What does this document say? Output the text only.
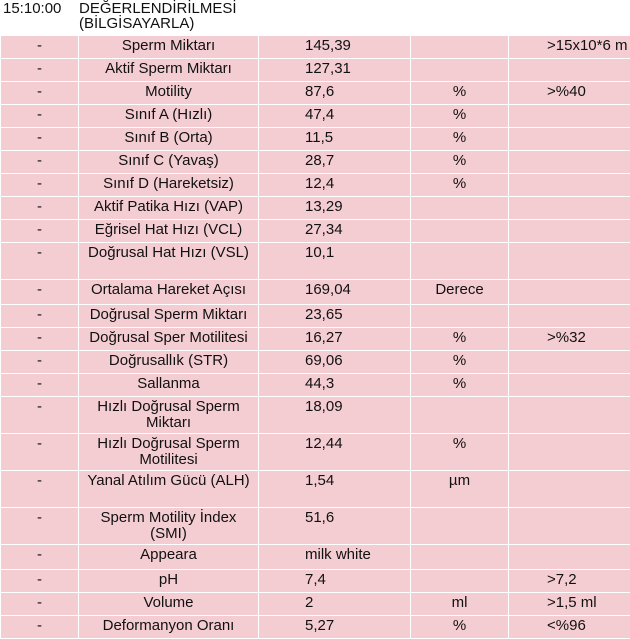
15:10:00	DEĞERLENDİRİLMESİ
(BİLGİSAYARLA)			

-	Sperm Miktarı	145,39		>15x10*6 m
-	Aktif Sperm Miktarı	127,31		
-	Motility	87,6	%	>%40
-	Sınıf A (Hızlı)	47,4	%	
-	Sınıf B (Orta)	11,5	%	
-	Sınıf C (Yavaş)	28,7	%	
-	Sınıf D (Hareketsiz)	12,4	%	
-	Aktif Patika Hızı (VAP)	13,29		
-	Eğrisel Hat Hızı (VCL)	27,34		
-	Doğrusal Hat Hızı (VSL)	10,1		
-	Ortalama Hareket Açısı	169,04	Derece	
-	Doğrusal Sperm Miktarı	23,65		
-	Doğrusal Sper Motilitesi	16,27	%	>%32
-	Doğrusallık (STR)	69,06	%	
-	Sallanma	44,3	%	
-	Hızlı Doğrusal Sperm Miktarı	18,09		
-	Hızlı Doğrusal Sperm Motilitesi	12,44	%	
-	Yanal Atılım Gücü (ALH)	1,54	µm	
-	Sperm Motility İndex (SMI)	51,6		
-	Appeara	milk white		
-	pH	7,4		>7,2
-	Volume	2	ml	>1,5 ml
-	Deformanyon Oranı	5,27	%	<%96
